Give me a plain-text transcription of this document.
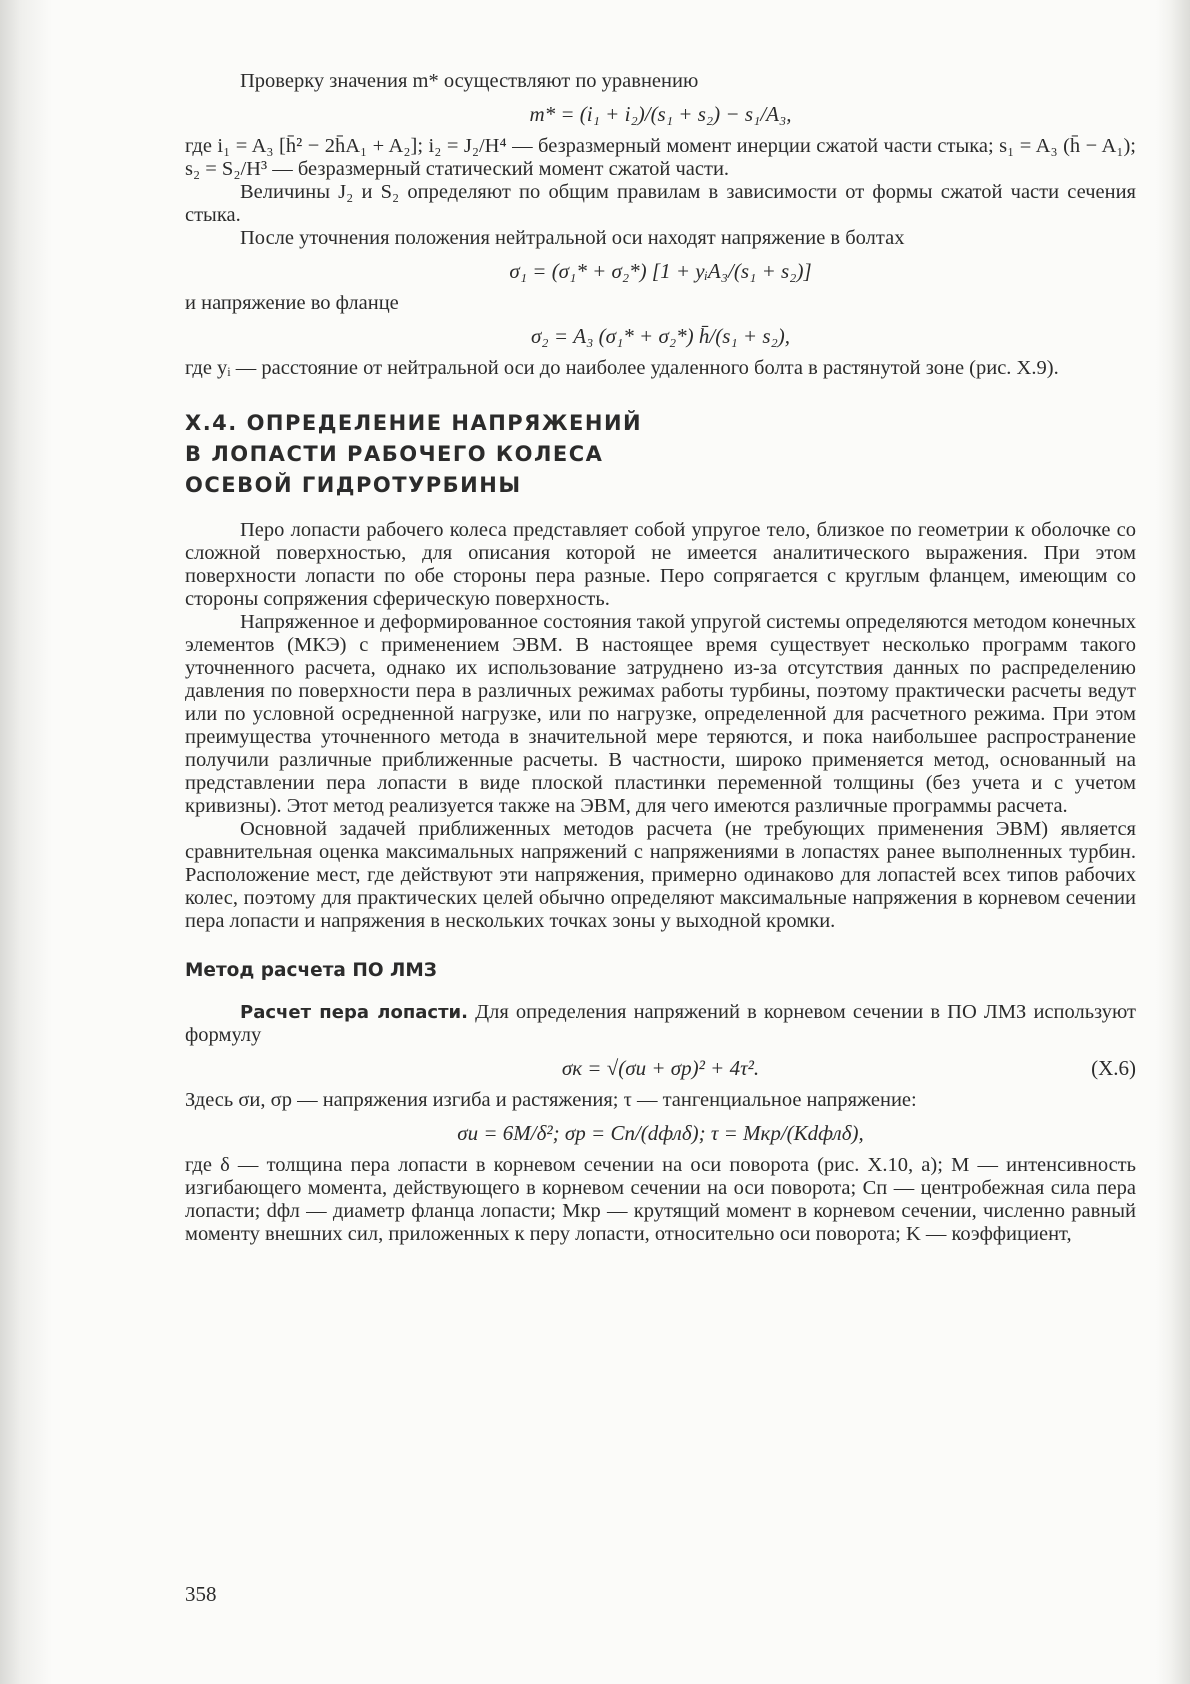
Проверку значения m* осуществляют по уравнению

m* = (i₁ + i₂)/(s₁ + s₂) − s₁/A₃,

где i₁ = A₃ [h̄² − 2h̄A₁ + A₂]; i₂ = J₂/H⁴ — безразмерный момент инерции сжатой части стыка; s₁ = A₃ (h̄ − A₁); s₂ = S₂/H³ — безразмерный статический момент сжатой части.

Величины J₂ и S₂ определяют по общим правилам в зависимости от формы сжатой части сечения стыка.

После уточнения положения нейтральной оси находят напряжение в болтах

σ₁ = (σ₁* + σ₂*) [1 + yᵢA₃/(s₁ + s₂)]

и напряжение во фланце

σ₂ = A₃ (σ₁* + σ₂*) h̄/(s₁ + s₂),

где yᵢ — расстояние от нейтральной оси до наиболее удаленного болта в растянутой зоне (рис. X.9).

X.4. ОПРЕДЕЛЕНИЕ НАПРЯЖЕНИЙ
В ЛОПАСТИ РАБОЧЕГО КОЛЕСА
ОСЕВОЙ ГИДРОТУРБИНЫ

Перо лопасти рабочего колеса представляет собой упругое тело, близкое по геометрии к оболочке со сложной поверхностью, для описания которой не имеется аналитического выражения. При этом поверхности лопасти по обе стороны пера разные. Перо сопрягается с круглым фланцем, имеющим со стороны сопряжения сферическую поверхность.

Напряженное и деформированное состояния такой упругой системы определяются методом конечных элементов (МКЭ) с применением ЭВМ. В настоящее время существует несколько программ такого уточненного расчета, однако их использование затруднено из-за отсутствия данных по распределению давления по поверхности пера в различных режимах работы турбины, поэтому практически расчеты ведут или по условной осредненной нагрузке, или по нагрузке, определенной для расчетного режима. При этом преимущества уточненного метода в значительной мере теряются, и пока наибольшее распространение получили различные приближенные расчеты. В частности, широко применяется метод, основанный на представлении пера лопасти в виде плоской пластинки переменной толщины (без учета и с учетом кривизны). Этот метод реализуется также на ЭВМ, для чего имеются различные программы расчета.

Основной задачей приближенных методов расчета (не требующих применения ЭВМ) является сравнительная оценка максимальных напряжений с напряжениями в лопастях ранее выполненных турбин. Расположение мест, где действуют эти напряжения, примерно одинаково для лопастей всех типов рабочих колес, поэтому для практических целей обычно определяют максимальные напряжения в корневом сечении пера лопасти и напряжения в нескольких точках зоны у выходной кромки.

Метод расчета ПО ЛМЗ

Расчет пера лопасти. Для определения напряжений в корневом сечении в ПО ЛМЗ используют формулу

σк = √(σи + σр)² + 4τ².	(X.6)

Здесь σи, σр — напряжения изгиба и растяжения; τ — тангенциальное напряжение:

σи = 6M/δ²; σр = Cп/(dфлδ); τ = Mкр/(Kdфлδ),

где δ — толщина пера лопасти в корневом сечении на оси поворота (рис. X.10, а); M — интенсивность изгибающего момента, действующего в корневом сечении на оси поворота; Cп — центробежная сила пера лопасти; dфл — диаметр фланца лопасти; Mкр — крутящий момент в корневом сечении, численно равный моменту внешних сил, приложенных к перу лопасти, относительно оси поворота; K — коэффициент,

358
